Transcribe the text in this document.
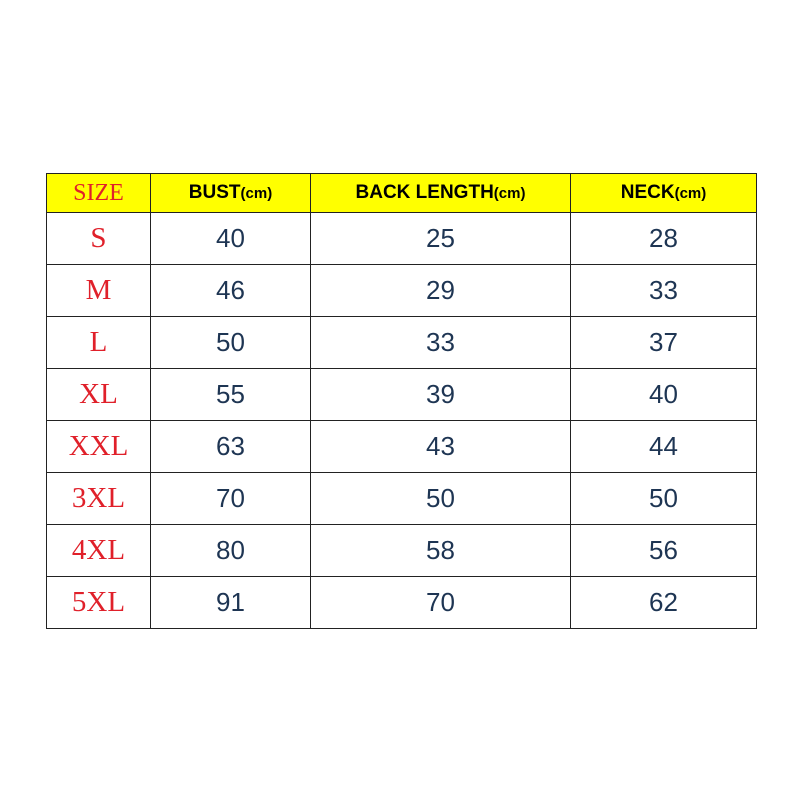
SIZE	BUST(cm)	BACK LENGTH(cm)	NECK(cm)
S	40	25	28
M	46	29	33
L	50	33	37
XL	55	39	40
XXL	63	43	44
3XL	70	50	50
4XL	80	58	56
5XL	91	70	62
